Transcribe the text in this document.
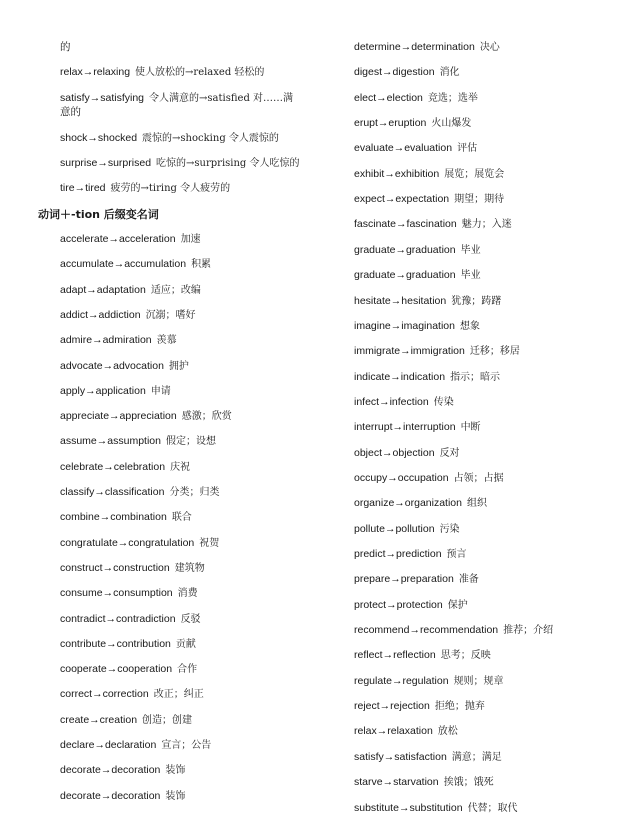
的
relax→relaxing 使人放松的→relaxed 轻松的
satisfy→satisfying 令人满意的→satisfied 对……满
意的
shock→shocked 震惊的→shocking 令人震惊的
surprise→surprised 吃惊的→surprising 令人吃惊的
tire→tired 疲劳的→tiring 令人疲劳的
动词＋-tion 后缀变名词
accelerate→acceleration 加速
accumulate→accumulation 积累
adapt→adaptation 适应；改编
addict→addiction 沉溺；嗜好
admire→admiration 羡慕
advocate→advocation 拥护
apply→application 申请
appreciate→appreciation 感激；欣赏
assume→assumption 假定；设想
celebrate→celebration 庆祝
classify→classification 分类；归类
combine→combination 联合
congratulate→congratulation 祝贺
construct→construction 建筑物
consume→consumption 消费
contradict→contradiction 反驳
contribute→contribution 贡献
cooperate→cooperation 合作
correct→correction 改正；纠正
create→creation 创造；创建
declare→declaration 宣言；公告
decorate→decoration 装饰
decorate→decoration 装饰
determine→determination 决心
digest→digestion 消化
elect→election 竞选；选举
erupt→eruption 火山爆发
evaluate→evaluation 评估
exhibit→exhibition 展览；展览会
expect→expectation 期望；期待
fascinate→fascination 魅力；入迷
graduate→graduation 毕业
graduate→graduation 毕业
hesitate→hesitation 犹豫；踌躇
imagine→imagination 想象
immigrate→immigration 迁移；移居
indicate→indication 指示；暗示
infect→infection 传染
interrupt→interruption 中断
object→objection 反对
occupy→occupation 占领；占据
organize→organization 组织
pollute→pollution 污染
predict→prediction 预言
prepare→preparation 准备
protect→protection 保护
recommend→recommendation 推荐；介绍
reflect→reflection 思考；反映
regulate→regulation 规则；规章
reject→rejection 拒绝；抛弃
relax→relaxation 放松
satisfy→satisfaction 满意；满足
starve→starvation 挨饿；饿死
substitute→substitution 代替；取代
